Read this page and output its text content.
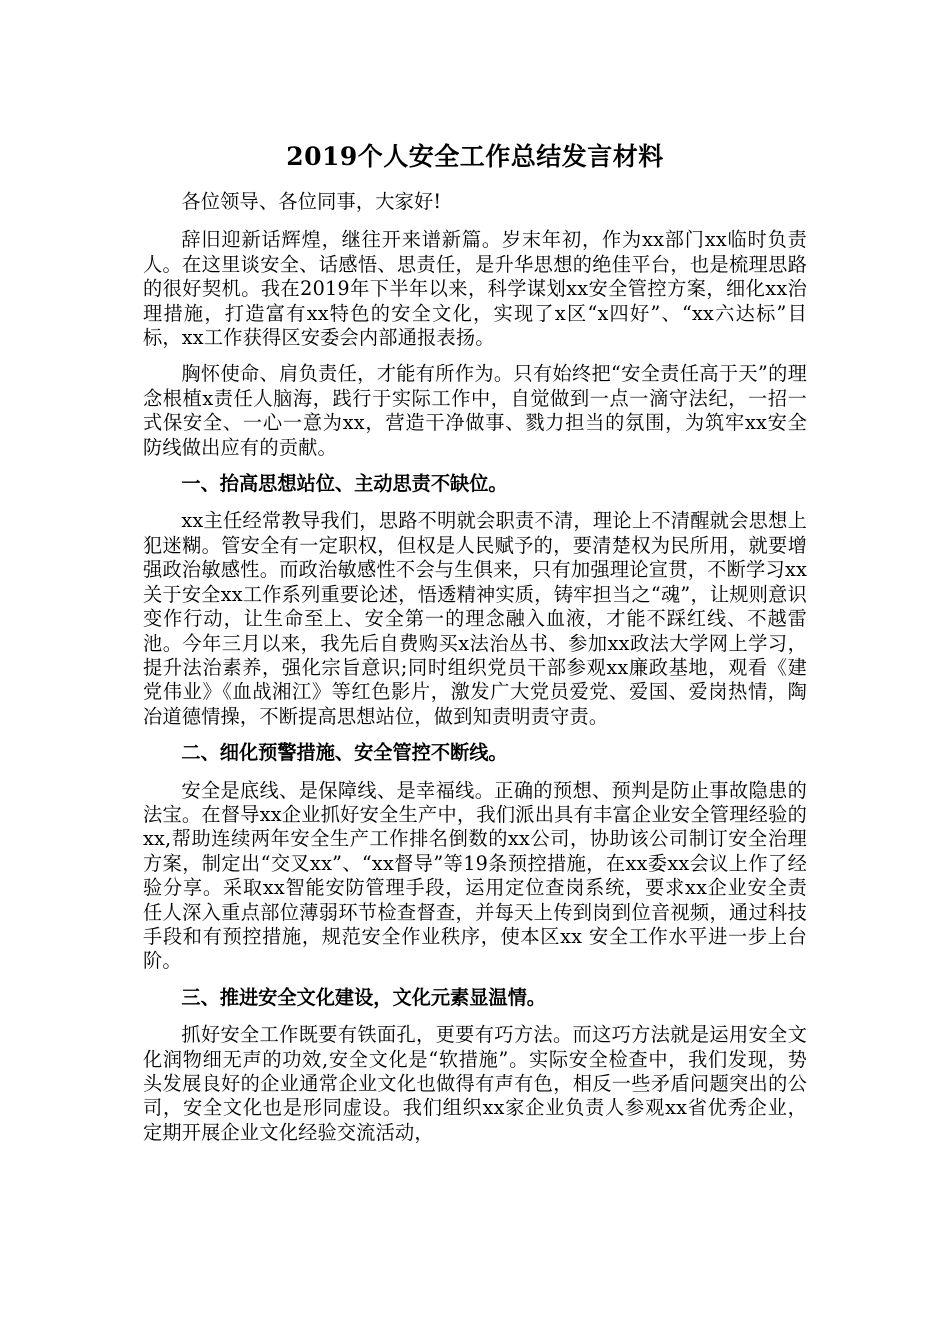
2019个人安全工作总结发言材料

各位领导、各位同事，大家好!

辞旧迎新话辉煌，继往开来谱新篇。岁末年初，作为xx部门xx临时负责人。在这里谈安全、话感悟、思责任，是升华思想的绝佳平台，也是梳理思路的很好契机。我在2019年下半年以来，科学谋划xx安全管控方案，细化xx治理措施，打造富有xx特色的安全文化，实现了x区“x四好”、“xx六达标”目标，xx工作获得区安委会内部通报表扬。

胸怀使命、肩负责任，才能有所作为。只有始终把“安全责任高于天”的理念根植x责任人脑海，践行于实际工作中，自觉做到一点一滴守法纪，一招一式保安全、一心一意为xx，营造干净做事、戮力担当的氛围，为筑牢xx安全防线做出应有的贡献。

一、抬高思想站位、主动思责不缺位。

xx主任经常教导我们，思路不明就会职责不清，理论上不清醒就会思想上犯迷糊。管安全有一定职权，但权是人民赋予的，要清楚权为民所用，就要增强政治敏感性。而政治敏感性不会与生俱来，只有加强理论宣贯，不断学习xx关于安全xx工作系列重要论述，悟透精神实质，铸牢担当之“魂”，让规则意识变作行动，让生命至上、安全第一的理念融入血液，才能不踩红线、不越雷池。今年三月以来，我先后自费购买x法治丛书、参加xx政法大学网上学习，提升法治素养，强化宗旨意识;同时组织党员干部参观xx廉政基地，观看《建党伟业》《血战湘江》等红色影片，激发广大党员爱党、爱国、爱岗热情，陶冶道德情操，不断提高思想站位，做到知责明责守责。

二、细化预警措施、安全管控不断线。

安全是底线、是保障线、是幸福线。正确的预想、预判是防止事故隐患的法宝。在督导xx企业抓好安全生产中，我们派出具有丰富企业安全管理经验的xx,帮助连续两年安全生产工作排名倒数的xx公司，协助该公司制订安全治理方案，制定出“交叉xx”、“xx督导”等19条预控措施，在xx委xx会议上作了经验分享。采取xx智能安防管理手段，运用定位查岗系统，要求xx企业安全责任人深入重点部位薄弱环节检查督查，并每天上传到岗到位音视频，通过科技手段和有预控措施，规范安全作业秩序，使本区xx 安全工作水平进一步上台阶。

三、推进安全文化建设，文化元素显温情。

抓好安全工作既要有铁面孔，更要有巧方法。而这巧方法就是运用安全文化润物细无声的功效,安全文化是“软措施”。实际安全检查中，我们发现，势头发展良好的企业通常企业文化也做得有声有色，相反一些矛盾问题突出的公司，安全文化也是形同虚设。我们组织xx家企业负责人参观xx省优秀企业，定期开展企业文化经验交流活动，
